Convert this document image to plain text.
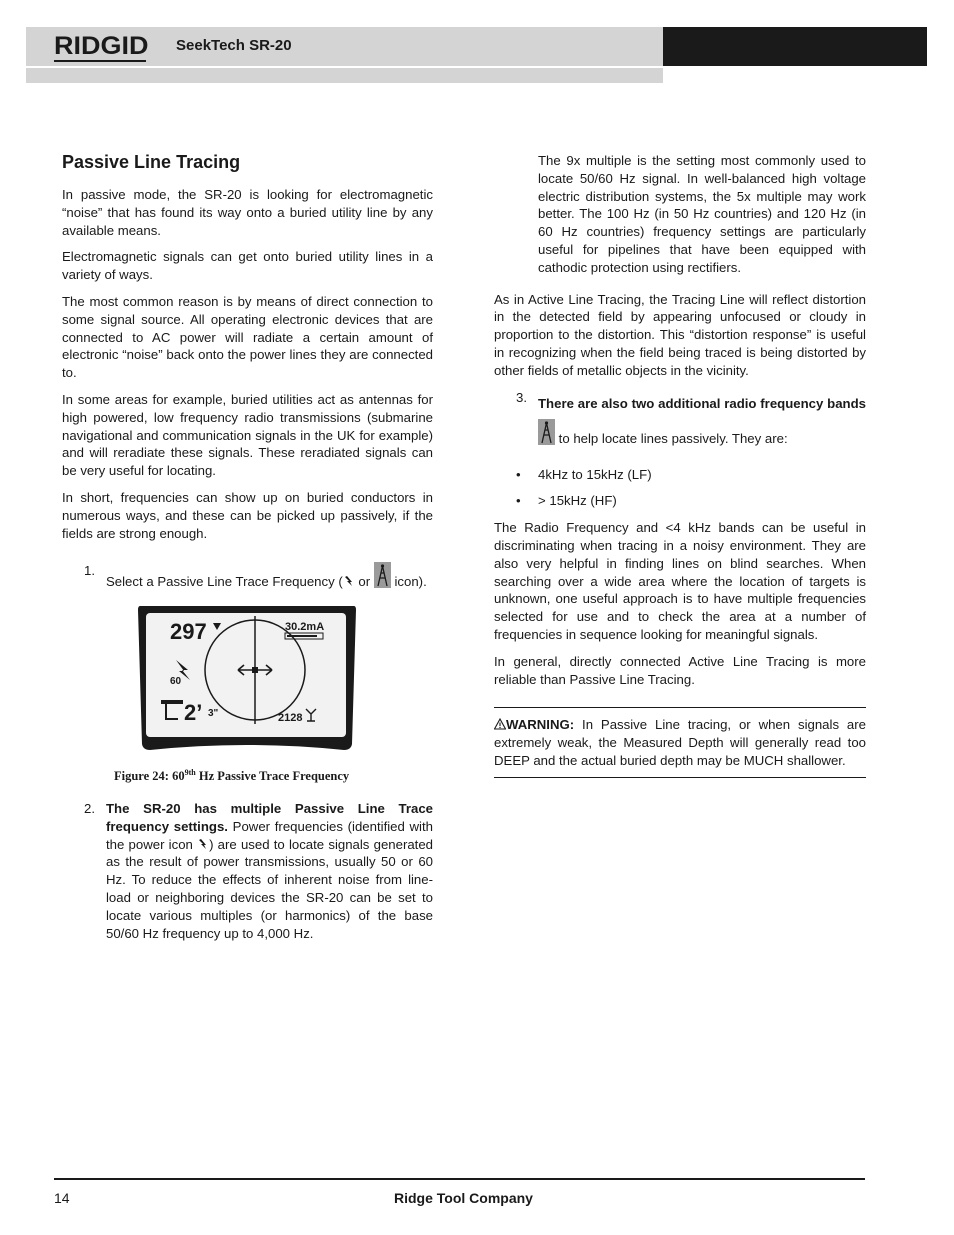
RIDGID SeekTech SR-20
Passive Line Tracing

In passive mode, the SR-20 is looking for electromagnetic “noise” that has found its way onto a buried utility line by any available means.

Electromagnetic signals can get onto buried utility lines in a variety of ways.

The most common reason is by means of direct connection to some signal source. All operating electronic devices that are connected to AC power will radiate a certain amount of electronic “noise” back onto the power lines they are connected to.

In some areas for example, buried utilities act as antennas for high powered, low frequency radio transmissions (submarine navigational and communication signals in the UK for example) and will reradiate these signals. These reradiated signals can be very useful for locating.

In short, frequencies can show up on buried conductors in numerous ways, and these can be picked up passively, if the fields are strong enough.

1.
Select a Passive Line Trace Frequency ( or  icon).
297	30.2mA
60
2’ 3"	2128
Figure 24: $60^{9th}$ Hz Passive Trace Frequency
2. The SR-20 has multiple Passive Line Trace frequency settings. Power frequencies (identified with the power icon ) are used to locate signals generated as the result of power transmissions, usually 50 or 60 Hz. To reduce the effects of inherent noise from line-load or neighboring devices the SR-20 can be set to locate various multiples (or harmonics) of the base 50/60 Hz frequency up to 4,000 Hz.

The 9x multiple is the setting most commonly used to locate 50/60 Hz signal. In well-balanced high voltage electric distribution systems, the 5x multiple may work better. The 100 Hz (in 50 Hz countries) and 120 Hz (in 60 Hz countries) frequency settings are particularly useful for pipelines that have been equipped with cathodic protection using rectifiers.

As in Active Line Tracing, the Tracing Line will reflect distortion in the detected field by appearing unfocused or cloudy in proportion to the distortion. This “distortion response” is useful in recognizing when the field being traced is being distorted by other fields of metallic objects in the vicinity.

3. There are also two additional radio frequency bands  to help locate lines passively. They are:
• 4kHz to 15kHz (LF)
• > 15kHz (HF)

The Radio Frequency and <4 kHz bands can be useful in discriminating when tracing in a noisy environment. They are also very helpful in finding lines on blind searches. When searching over a wide area where the location of targets is unknown, one useful approach is to have multiple frequencies selected for use and to check the area at a number of frequencies in sequence looking for meaningful signals.

In general, directly connected Active Line Tracing is more reliable than Passive Line Tracing.

WARNING: In Passive Line tracing, or when signals are extremely weak, the Measured Depth will generally read too DEEP and the actual buried depth may be MUCH shallower.

14	Ridge Tool Company
